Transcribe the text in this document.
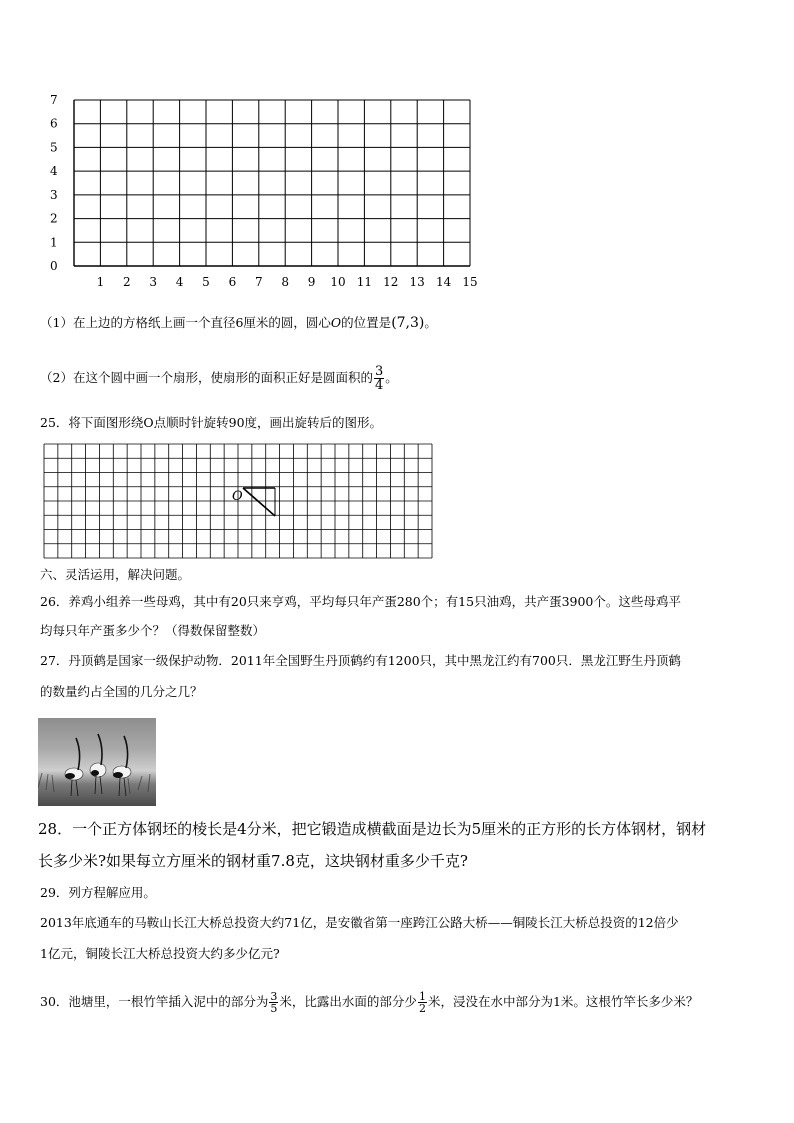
0
1
2
3
4
5
6
7
1 2 3 4 5 6 7 8 9 10 11 12 13 14 15
（1）在上边的方格纸上画一个直径6厘米的圆，圆心O的位置是(7,3)。
（2）在这个圆中画一个扇形，使扇形的面积正好是圆面积的 $\frac{3}{4}$ 。
25．将下面图形绕O点顺时针旋转90度，画出旋转后的图形。
O
六、灵活运用，解决问题。
26．养鸡小组养一些母鸡，其中有20只来亨鸡，平均每只年产蛋280个；有15只油鸡，共产蛋3900个。这些母鸡平
均每只年产蛋多少个？（得数保留整数）
27．丹顶鹤是国家一级保护动物．2011年全国野生丹顶鹤约有1200只，其中黑龙江约有700只．黑龙江野生丹顶鹤
的数量约占全国的几分之几？
28．一个正方体钢坯的棱长是4分米，把它锻造成横截面是边长为5厘米的正方形的长方体钢材，钢材
长多少米?如果每立方厘米的钢材重7.8克，这块钢材重多少千克?
29．列方程解应用。
2013年底通车的马鞍山长江大桥总投资大约71亿，是安徽省第一座跨江公路大桥——铜陵长江大桥总投资的12倍少
1亿元，铜陵长江大桥总投资大约多少亿元?
30．池塘里，一根竹竿插入泥中的部分为 $\frac{3}{5}$ 米，比露出水面的部分少 $\frac{1}{2}$ 米，浸没在水中部分为1米。这根竹竿长多少米？
